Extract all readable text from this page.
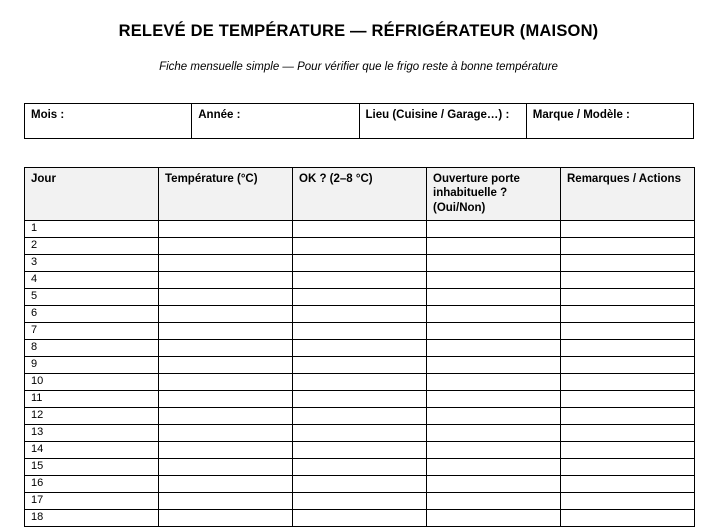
RELEVÉ DE TEMPÉRATURE — RÉFRIGÉRATEUR (MAISON)

Fiche mensuelle simple — Pour vérifier que le frigo reste à bonne température

Mois :	Année :	Lieu (Cuisine / Garage…) :	Marque / Modèle :
Jour	Température (°C)	OK ? (2–8 °C)	Ouverture porte inhabituelle ? (Oui/Non)	Remarques / Actions
1				
2				
3				
4				
5				
6				
7				
8				
9				
10				
11				
12				
13				
14				
15				
16				
17				
18				
